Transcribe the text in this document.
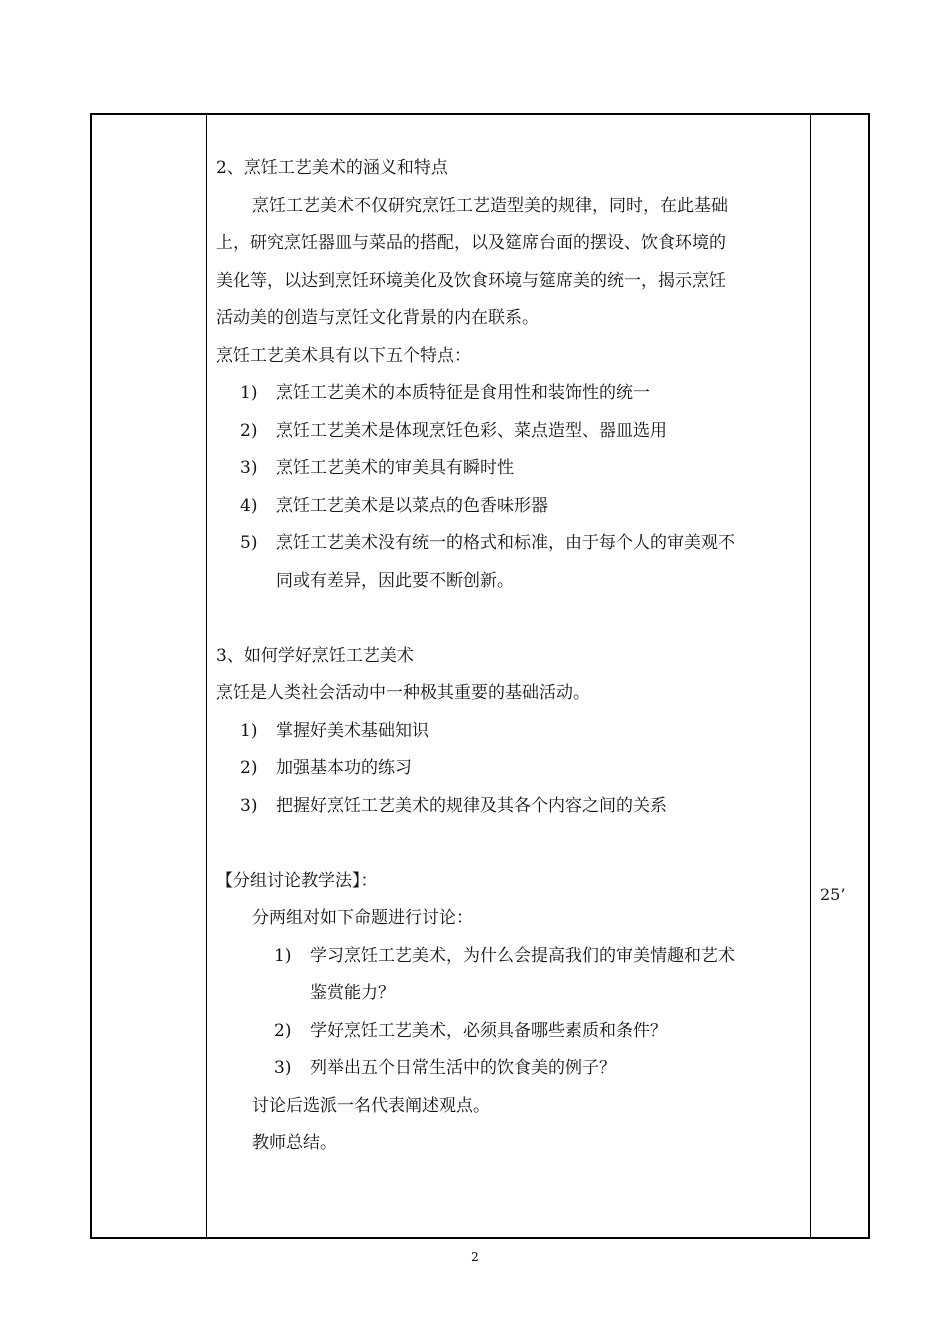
2、烹饪工艺美术的涵义和特点
烹饪工艺美术不仅研究烹饪工艺造型美的规律，同时，在此基础
上，研究烹饪器皿与菜品的搭配，以及筵席台面的摆设、饮食环境的
美化等，以达到烹饪环境美化及饮食环境与筵席美的统一，揭示烹饪
活动美的创造与烹饪文化背景的内在联系。
烹饪工艺美术具有以下五个特点：
1) 烹饪工艺美术的本质特征是食用性和装饰性的统一
2) 烹饪工艺美术是体现烹饪色彩、菜点造型、器皿选用
3) 烹饪工艺美术的审美具有瞬时性
4) 烹饪工艺美术是以菜点的色香味形器
5) 烹饪工艺美术没有统一的格式和标准，由于每个人的审美观不
同或有差异，因此要不断创新。
3、如何学好烹饪工艺美术
烹饪是人类社会活动中一种极其重要的基础活动。
1) 掌握好美术基础知识
2) 加强基本功的练习
3) 把握好烹饪工艺美术的规律及其各个内容之间的关系
【分组讨论教学法】：
分两组对如下命题进行讨论：
1) 学习烹饪工艺美术，为什么会提高我们的审美情趣和艺术
鉴赏能力？
2) 学好烹饪工艺美术，必须具备哪些素质和条件？
3) 列举出五个日常生活中的饮食美的例子？
讨论后选派一名代表阐述观点。
教师总结。
25’
2
